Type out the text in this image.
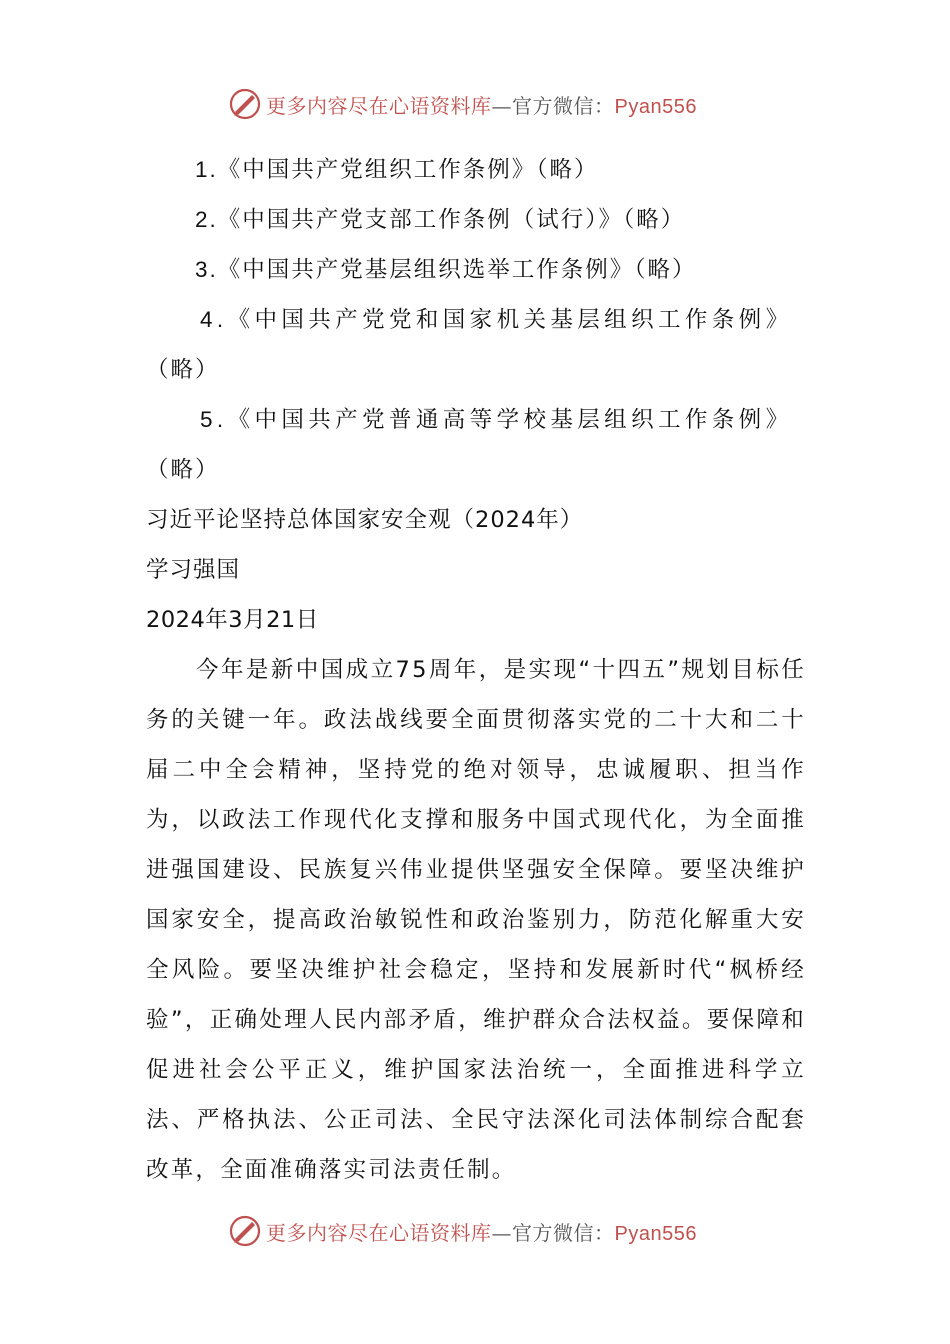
更多内容尽在心语资料库—官方微信：Pyan556
1.《中国共产党组织工作条例》（略）
2.《中国共产党支部工作条例（试行）》（略）
3.《中国共产党基层组织选举工作条例》（略）
4.《中国共产党党和国家机关基层组织工作条例》
（略）
5.《中国共产党普通高等学校基层组织工作条例》
（略）
习近平论坚持总体国家安全观（2024年）
学习强国
2024年3月21日
今年是新中国成立75周年，是实现“十四五”规划目标任务的关键一年。政法战线要全面贯彻落实党的二十大和二十届二中全会精神，坚持党的绝对领导，忠诚履职、担当作为，以政法工作现代化支撑和服务中国式现代化，为全面推进强国建设、民族复兴伟业提供坚强安全保障。要坚决维护国家安全，提高政治敏锐性和政治鉴别力，防范化解重大安全风险。要坚决维护社会稳定，坚持和发展新时代“枫桥经验”，正确处理人民内部矛盾，维护群众合法权益。要保障和促进社会公平正义，维护国家法治统一，全面推进科学立法、严格执法、公正司法、全民守法深化司法体制综合配套改革，全面准确落实司法责任制。
更多内容尽在心语资料库—官方微信：Pyan556
